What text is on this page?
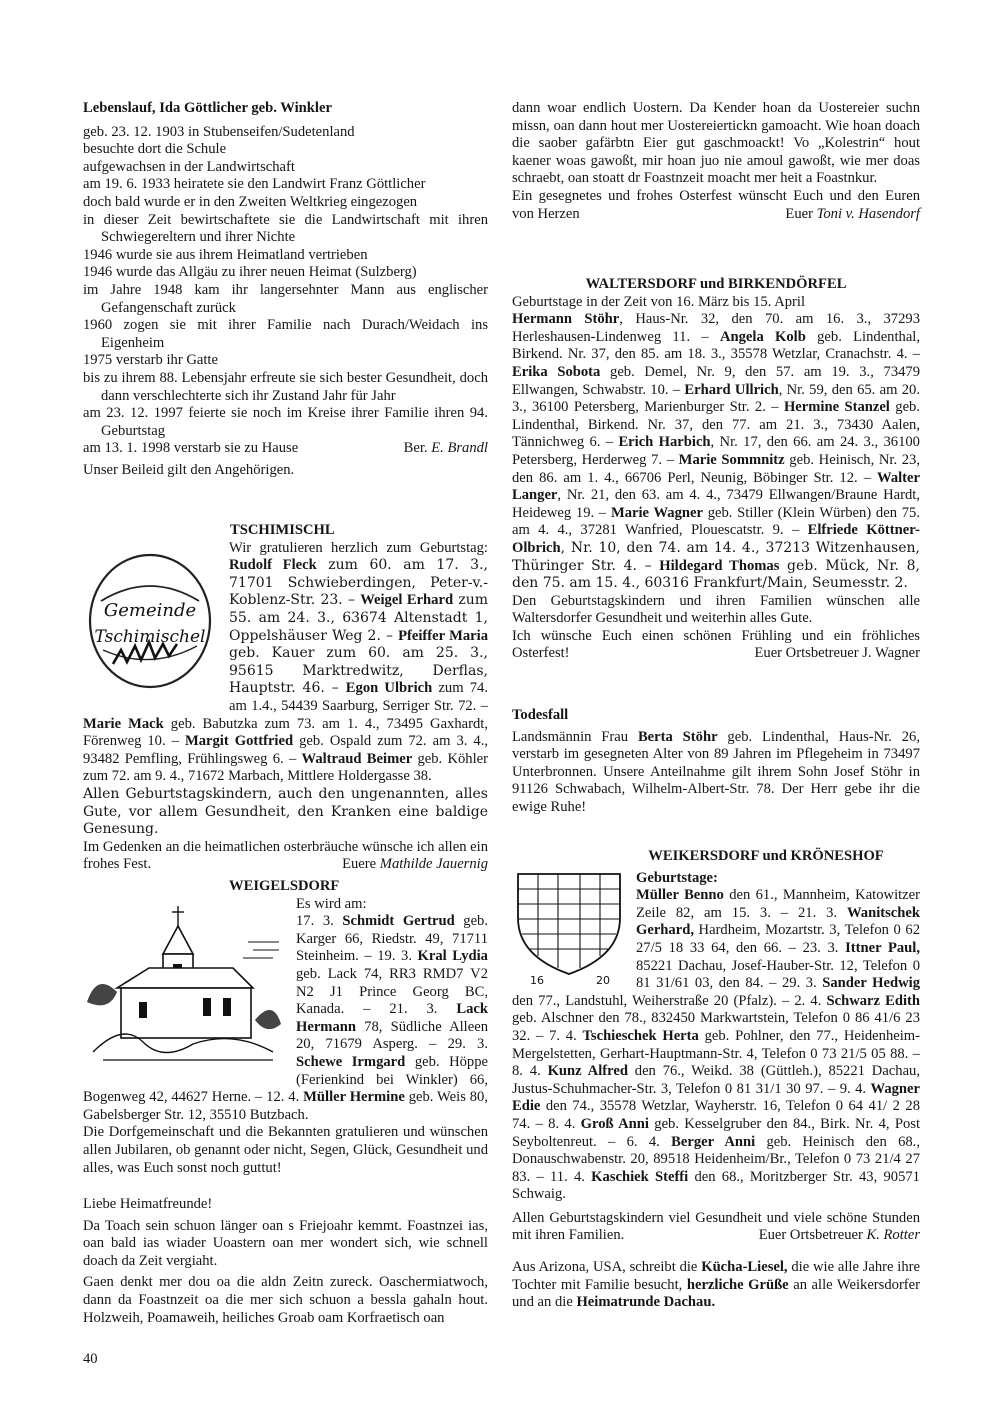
Lebenslauf, Ida Göttlicher geb. Winkler

geb. 23. 12. 1903 in Stubenseifen/Sudetenland

besuchte dort die Schule

aufgewachsen in der Landwirtschaft

am 19. 6. 1933 heiratete sie den Landwirt Franz Göttlicher

doch bald wurde er in den Zweiten Weltkrieg eingezogen

in dieser Zeit bewirtschaftete sie die Landwirtschaft mit ihren Schwiegereltern und ihrer Nichte

1946 wurde sie aus ihrem Heimatland vertrieben

1946 wurde das Allgäu zu ihrer neuen Heimat (Sulzberg)

im Jahre 1948 kam ihr langersehnter Mann aus englischer Gefangenschaft zurück

1960 zogen sie mit ihrer Familie nach Durach/Weidach ins Eigenheim

1975 verstarb ihr Gatte

bis zu ihrem 88. Lebensjahr erfreute sie sich bester Gesundheit, doch dann verschlechterte sich ihr Zustand Jahr für Jahr

am 23. 12. 1997 feierte sie noch im Kreise ihrer Familie ihren 94. Geburtstag

am 13. 1. 1998 verstarb sie zu Hause	Ber. E. Brandl

Unser Beileid gilt den Angehörigen.

TSCHIMISCHL

Gemeinde
Tschimischel

Wir gratulieren herzlich zum Geburtstag: Rudolf Fleck zum 60. am 17. 3., 71701 Schwieberdingen, Peter-v.-Koblenz-Str. 23. – Weigel Erhard zum 55. am 24. 3., 63674 Altenstadt 1, Oppelshäuser Weg 2. – Pfeiffer Maria geb. Kauer zum 60. am 25. 3., 95615 Marktredwitz, Derflas, Hauptstr. 46. – Egon Ulbrich zum 74. am 1.4., 54439 Saarburg, Serriger Str. 72. – Marie Mack geb. Babutzka zum 73. am 1. 4., 73495 Gaxhardt, Förenweg 10. – Margit Gottfried geb. Ospald zum 72. am 3. 4., 93482 Pemfling, Frühlingsweg 6. – Waltraud Beimer geb. Köhler zum 72. am 9. 4., 71672 Marbach, Mittlere Holdergasse 38.

Allen Geburtstagskindern, auch den ungenannten, alles Gute, vor allem Gesundheit, den Kranken eine baldige Genesung.

Im Gedenken an die heimatlichen osterbräuche wünsche ich allen ein frohes Fest.	Euere Mathilde Jauernig

WEIGELSDORF

Es wird am:

17. 3. Schmidt Gertrud geb. Karger 66, Riedstr. 49, 71711 Steinheim. – 19. 3. Kral Lydia geb. Lack 74, RR3 RMD7 V2 N2 J1 Prince Georg BC, Kanada. – 21. 3. Lack Hermann 78, Südliche Alleen 20, 71679 Asperg. – 29. 3. Schewe Irmgard geb. Höppe (Ferienkind bei Winkler) 66, Bogenweg 42, 44627 Herne. – 12. 4. Müller Hermine geb. Weis 80, Gabelsberger Str. 12, 35510 Butzbach.

Die Dorfgemeinschaft und die Bekannten gratulieren und wünschen allen Jubilaren, ob genannt oder nicht, Segen, Glück, Gesundheit und alles, was Euch sonst noch guttut!

Liebe Heimatfreunde!

Da Toach sein schuon länger oan s Friejoahr kemmt. Foastnzei ias, oan bald ias wiader Uoastern oan mer wondert sich, wie schnell doach da Zeit vergiaht.

Gaen denkt mer dou oa die aldn Zeitn zureck. Oaschermiatwoch, dann da Foastnzeit oa die mer sich schuon a bessla gahaln hout. Holzweih, Poamaweih, heiliches Groab oam Korfraetisch oan

dann woar endlich Uostern. Da Kender hoan da Uostereier suchn missn, oan dann hout mer Uostereiertickn gamoacht. Wie hoan doach die saober gafärbtn Eier gut gaschmoackt! Vo „Kolestrin“ hout kaener woas gawoßt, mir hoan juo nie amoul gawoßt, wie mer doas schraebt, oan stoatt dr Foastnzeit moacht mer heit a Foastnkur.

Ein gesegnetes und frohes Osterfest wünscht Euch und den Euren von Herzen	Euer Toni v. Hasendorf

WALTERSDORF und BIRKENDÖRFEL

Geburtstage in der Zeit von 16. März bis 15. April

Hermann Stöhr, Haus-Nr. 32, den 70. am 16. 3., 37293 Herleshausen-Lindenweg 11. – Angela Kolb geb. Lindenthal, Birkend. Nr. 37, den 85. am 18. 3., 35578 Wetzlar, Cranachstr. 4. – Erika Sobota geb. Demel, Nr. 9, den 57. am 19. 3., 73479 Ellwangen, Schwabstr. 10. – Erhard Ullrich, Nr. 59, den 65. am 20. 3., 36100 Petersberg, Marienburger Str. 2. – Hermine Stanzel geb. Lindenthal, Birkend. Nr. 37, den 77. am 21. 3., 73430 Aalen, Tännichweg 6. – Erich Harbich, Nr. 17, den 66. am 24. 3., 36100 Petersberg, Herderweg 7. – Marie Sommnitz geb. Heinisch, Nr. 23, den 86. am 1. 4., 66706 Perl, Neunig, Böbinger Str. 12. – Walter Langer, Nr. 21, den 63. am 4. 4., 73479 Ellwangen/Braune Hardt, Heideweg 19. – Marie Wagner geb. Stiller (Klein Würben) den 75. am 4. 4., 37281 Wanfried, Plouescatstr. 9. – Elfriede Köttner-Olbrich, Nr. 10, den 74. am 14. 4., 37213 Witzenhausen, Thüringer Str. 4. – Hildegard Thomas geb. Mück, Nr. 8, den 75. am 15. 4., 60316 Frankfurt/Main, Seumesstr. 2.

Den Geburtstagskindern und ihren Familien wünschen alle Waltersdorfer Gesundheit und weiterhin alles Gute.

Ich wünsche Euch einen schönen Frühling und ein fröhliches Osterfest!	Euer Ortsbetreuer J. Wagner

Todesfall

Landsmännin Frau Berta Stöhr geb. Lindenthal, Haus-Nr. 26, verstarb im gesegneten Alter von 89 Jahren im Pflegeheim in 73497 Unterbronnen. Unsere Anteilnahme gilt ihrem Sohn Josef Stöhr in 91126 Schwabach, Wilhelm-Albert-Str. 78. Der Herr gebe ihr die ewige Ruhe!

WEIKERSDORF und KRÖNESHOF

16	20

Geburtstage:

Müller Benno den 61., Mannheim, Katowitzer Zeile 82, am 15. 3. – 21. 3. Wanitschek Gerhard, Hardheim, Mozartstr. 3, Telefon 0 62 27/5 18 33 64, den 66. – 23. 3. Ittner Paul, 85221 Dachau, Josef-Hauber-Str. 12, Telefon 0 81 31/61 03, den 84. – 29. 3. Sander Hedwig den 77., Landstuhl, Weiherstraße 20 (Pfalz). – 2. 4. Schwarz Edith geb. Alschner den 78., 832450 Markwartstein, Telefon 0 86 41/6 23 32. – 7. 4. Tschieschek Herta geb. Pohlner, den 77., Heidenheim-Mergelstetten, Gerhart-Hauptmann-Str. 4, Telefon 0 73 21/5 05 88. – 8. 4. Kunz Alfred den 76., Weikd. 38 (Güttleh.), 85221 Dachau, Justus-Schuhmacher-Str. 3, Telefon 0 81 31/1 30 97. – 9. 4. Wagner Edie den 74., 35578 Wetzlar, Wayherstr. 16, Telefon 0 64 41/ 2 28 74. – 8. 4. Groß Anni geb. Kesselgruber den 84., Birk. Nr. 4, Post Seyboltenreut. – 6. 4. Berger Anni geb. Heinisch den 68., Donauschwabenstr. 20, 89518 Heidenheim/Br., Telefon 0 73 21/4 27 83. – 11. 4. Kaschiek Steffi den 68., Moritzberger Str. 43, 90571 Schwaig.

Allen Geburtstagskindern viel Gesundheit und viele schöne Stunden mit ihren Familien.	Euer Ortsbetreuer K. Rotter

Aus Arizona, USA, schreibt die Kücha-Liesel, die wie alle Jahre ihre Tochter mit Familie besucht, herzliche Grüße an alle Weikersdorfer und an die Heimatrunde Dachau.

40
